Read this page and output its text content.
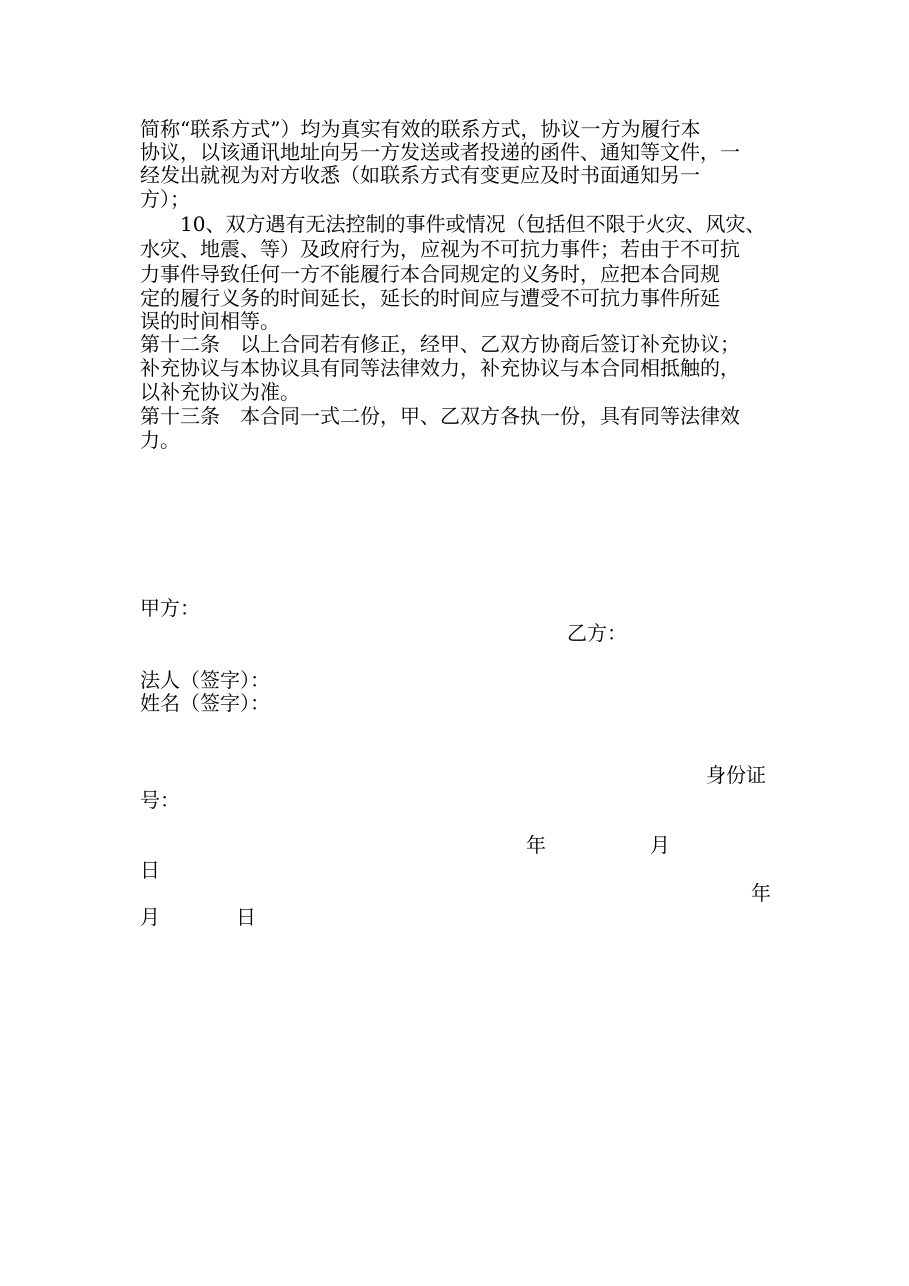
简称“联系方式”）均为真实有效的联系方式，协议一方为履行本
协议，以该通讯地址向另一方发送或者投递的函件、通知等文件，一
经发出就视为对方收悉（如联系方式有变更应及时书面通知另一
方）；
　　10、双方遇有无法控制的事件或情况（包括但不限于火灾、风灾、
水灾、地震、等）及政府行为，应视为不可抗力事件；若由于不可抗
力事件导致任何一方不能履行本合同规定的义务时，应把本合同规
定的履行义务的时间延长，延长的时间应与遭受不可抗力事件所延
误的时间相等。
第十二条　以上合同若有修正，经甲、乙双方协商后签订补充协议；
补充协议与本协议具有同等法律效力，补充协议与本合同相抵触的，
以补充协议为准。
第十三条　本合同一式二份，甲、乙双方各执一份，具有同等法律效
力。
甲方：
乙方：
法人（签字）：
姓名（签字）：
身份证
号：
年	月
日
年
月	日
